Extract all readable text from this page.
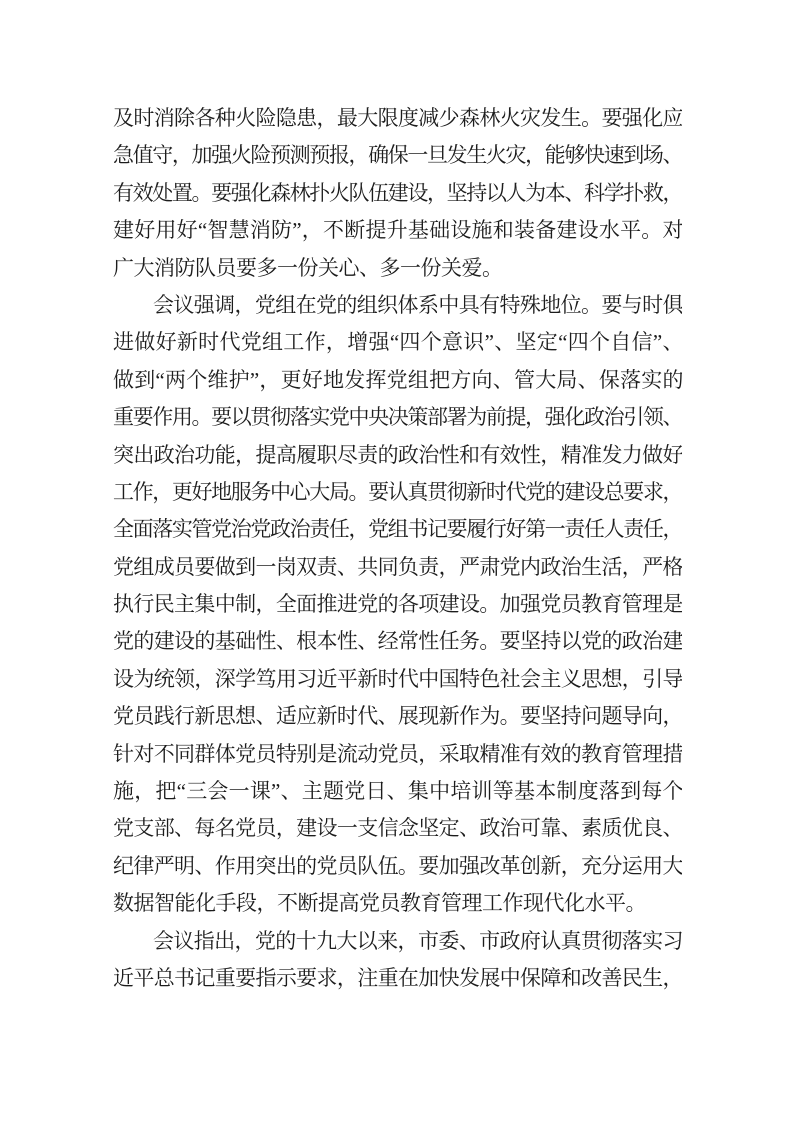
及时消除各种火险隐患，最大限度减少森林火灾发生。要强化应
急值守，加强火险预测预报，确保一旦发生火灾，能够快速到场、
有效处置。要强化森林扑火队伍建设，坚持以人为本、科学扑救，
建好用好“智慧消防”，不断提升基础设施和装备建设水平。对
广大消防队员要多一份关心、多一份关爱。
会议强调，党组在党的组织体系中具有特殊地位。要与时俱
进做好新时代党组工作，增强“四个意识”、坚定“四个自信”、
做到“两个维护”，更好地发挥党组把方向、管大局、保落实的
重要作用。要以贯彻落实党中央决策部署为前提，强化政治引领、
突出政治功能，提高履职尽责的政治性和有效性，精准发力做好
工作，更好地服务中心大局。要认真贯彻新时代党的建设总要求，
全面落实管党治党政治责任，党组书记要履行好第一责任人责任，
党组成员要做到一岗双责、共同负责，严肃党内政治生活，严格
执行民主集中制，全面推进党的各项建设。加强党员教育管理是
党的建设的基础性、根本性、经常性任务。要坚持以党的政治建
设为统领，深学笃用习近平新时代中国特色社会主义思想，引导
党员践行新思想、适应新时代、展现新作为。要坚持问题导向，
针对不同群体党员特别是流动党员，采取精准有效的教育管理措
施，把“三会一课”、主题党日、集中培训等基本制度落到每个
党支部、每名党员，建设一支信念坚定、政治可靠、素质优良、
纪律严明、作用突出的党员队伍。要加强改革创新，充分运用大
数据智能化手段，不断提高党员教育管理工作现代化水平。
会议指出，党的十九大以来，市委、市政府认真贯彻落实习
近平总书记重要指示要求，注重在加快发展中保障和改善民生，
